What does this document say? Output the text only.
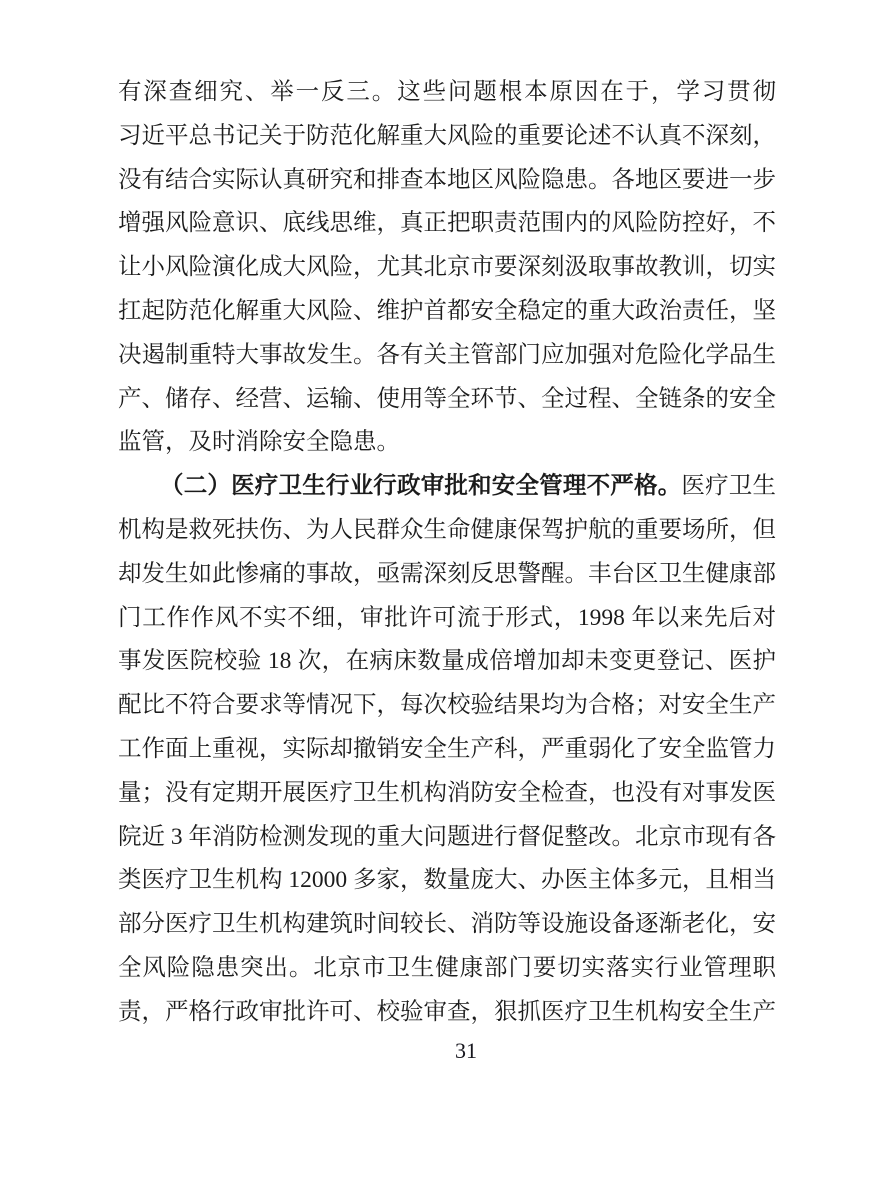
有深查细究、举一反三。这些问题根本原因在于，学习贯彻
习近平总书记关于防范化解重大风险的重要论述不认真不深刻，
没有结合实际认真研究和排查本地区风险隐患。各地区要进一步
增强风险意识、底线思维，真正把职责范围内的风险防控好，不
让小风险演化成大风险，尤其北京市要深刻汲取事故教训，切实
扛起防范化解重大风险、维护首都安全稳定的重大政治责任，坚
决遏制重特大事故发生。各有关主管部门应加强对危险化学品生
产、储存、经营、运输、使用等全环节、全过程、全链条的安全
监管，及时消除安全隐患。
（二）医疗卫生行业行政审批和安全管理不严格。医疗卫生
机构是救死扶伤、为人民群众生命健康保驾护航的重要场所，但
却发生如此惨痛的事故，亟需深刻反思警醒。丰台区卫生健康部
门工作作风不实不细，审批许可流于形式，1998 年以来先后对
事发医院校验 18 次，在病床数量成倍增加却未变更登记、医护
配比不符合要求等情况下，每次校验结果均为合格；对安全生产
工作面上重视，实际却撤销安全生产科，严重弱化了安全监管力
量；没有定期开展医疗卫生机构消防安全检查，也没有对事发医
院近 3 年消防检测发现的重大问题进行督促整改。北京市现有各
类医疗卫生机构 12000 多家，数量庞大、办医主体多元，且相当
部分医疗卫生机构建筑时间较长、消防等设施设备逐渐老化，安
全风险隐患突出。北京市卫生健康部门要切实落实行业管理职
责，严格行政审批许可、校验审查，狠抓医疗卫生机构安全生产
31
